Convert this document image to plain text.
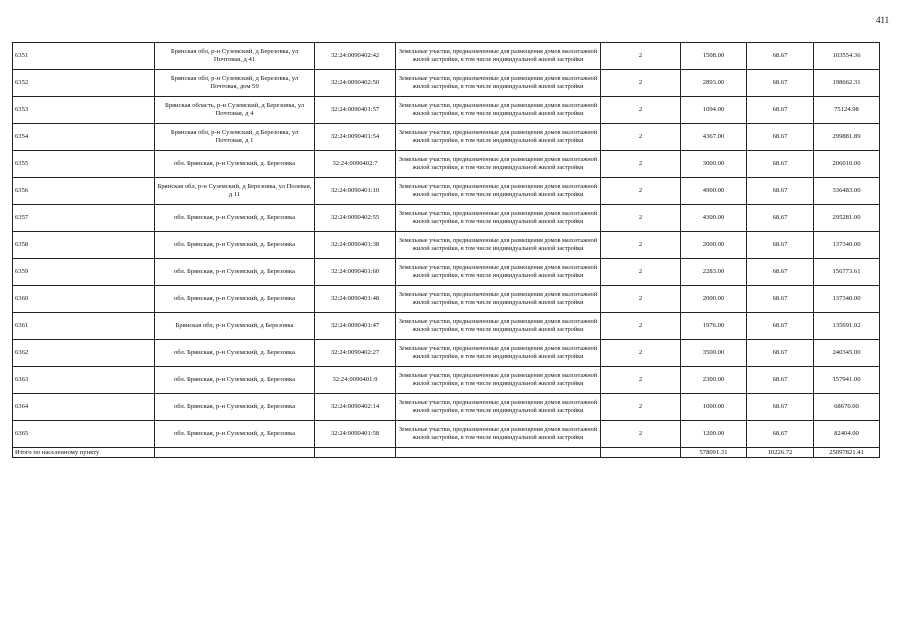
411
6351	Брянская обл, р-н Суземский, д Березовка, ул Почтовая, д 41	32:24:0090402:42	Земельные участки, предназначенные для размещения домов малоэтажной жилой застройки, в том числе индивидуальной жилой застройки	2	1508.00	68.67	103554.36
6352	Брянская обл, р-н Суземский, д Березовка, ул Почтовая, дом 59	32:24:0090402:50	Земельные участки, предназначенные для размещения домов малоэтажной жилой застройки, в том числе индивидуальной жилой застройки	2	2893.00	68.67	198662.31
6353	Брянская область, р-н Суземский, д Березовка, ул Почтовая, д 4	32:24:0090401:57	Земельные участки, предназначенные для размещения домов малоэтажной жилой застройки, в том числе индивидуальной жилой застройки	2	1094.00	68.67	75124.98
6354	Брянская обл, р-н Суземский, д Березовка, ул Почтовая, д 1	32:24:0090401:54	Земельные участки, предназначенные для размещения домов малоэтажной жилой застройки, в том числе индивидуальной жилой застройки	2	4367.00	68.67	299881.89
6355	обл. Брянская, р-н Суземский, д. Березовка	32:24:0090402:7	Земельные участки, предназначенные для размещения домов малоэтажной жилой застройки, в том числе индивидуальной жилой застройки	2	3000.00	68.67	206010.00
6356	Брянская обл, р-н Суземский, д Березовка, ул Полевая, д 11	32:24:0090401:10	Земельные участки, предназначенные для размещения домов малоэтажной жилой застройки, в том числе индивидуальной жилой застройки	2	4900.00	68.67	336483.00
6357	обл. Брянская, р-н Суземский, д. Березовка	32:24:0090402:55	Земельные участки, предназначенные для размещения домов малоэтажной жилой застройки, в том числе индивидуальной жилой застройки	2	4300.00	68.67	295281.00
6358	обл. Брянская, р-н Суземский, д. Березовка	32:24:0090401:38	Земельные участки, предназначенные для размещения домов малоэтажной жилой застройки, в том числе индивидуальной жилой застройки	2	2000.00	68.67	137340.00
6359	обл. Брянская, р-н Суземский, д. Березовка	32:24:0090401:60	Земельные участки, предназначенные для размещения домов малоэтажной жилой застройки, в том числе индивидуальной жилой застройки	2	2283.00	68.67	156773.61
6360	обл. Брянская, р-н Суземский, д. Березовка	32:24:0090401:48	Земельные участки, предназначенные для размещения домов малоэтажной жилой застройки, в том числе индивидуальной жилой застройки	2	2000.00	68.67	137340.00
6361	Брянская обл, р-н Суземский, д Березовка	32:24:0090401:47	Земельные участки, предназначенные для размещения домов малоэтажной жилой застройки, в том числе индивидуальной жилой застройки	2	1976.00	68.67	135691.92
6362	обл. Брянская, р-н Суземский, д. Березовка	32:24:0090402:27	Земельные участки, предназначенные для размещения домов малоэтажной жилой застройки, в том числе индивидуальной жилой застройки	2	3500.00	68.67	240345.00
6363	обл. Брянская, р-н Суземский, д. Березовка	32:24:0090401:9	Земельные участки, предназначенные для размещения домов малоэтажной жилой застройки, в том числе индивидуальной жилой застройки	2	2300.00	68.67	157941.00
6364	обл. Брянская, р-н Суземский, д. Березовка	32:24:0090402:14	Земельные участки, предназначенные для размещения домов малоэтажной жилой застройки, в том числе индивидуальной жилой застройки	2	1000.00	68.67	68670.00
6365	обл. Брянская, р-н Суземский, д. Березовка	32:24:0090401:58	Земельные участки, предназначенные для размещения домов малоэтажной жилой застройки, в том числе индивидуальной жилой застройки	2	1200.00	68.67	82404.00
Итого по населенному пункту					578091.31	10226.72	25097821.41
